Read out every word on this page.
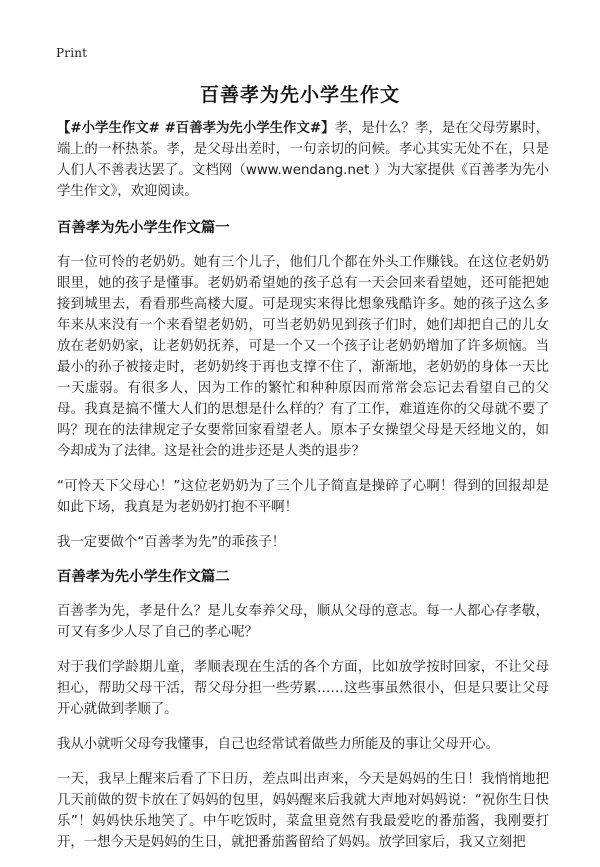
Print
百善孝为先小学生作文

【#小学生作文# #百善孝为先小学生作文#】孝，是什么？孝，是在父母劳累时，端上的一杯热茶。孝，是父母出差时，一句亲切的问候。孝心其实无处不在，只是人们人不善表达罢了。文档网（www.wendang.net ）为大家提供《百善孝为先小学生作文》，欢迎阅读。

百善孝为先小学生作文篇一

有一位可怜的老奶奶。她有三个儿子，他们几个都在外头工作赚钱。在这位老奶奶眼里，她的孩子是懂事。老奶奶希望她的孩子总有一天会回来看望她，还可能把她接到城里去，看看那些高楼大厦。可是现实来得比想象残酷许多。她的孩子这么多年来从来没有一个来看望老奶奶，可当老奶奶见到孩子们时，她们却把自己的儿女放在老奶奶家，让老奶奶抚养，可是一个又一个孩子让老奶奶增加了许多烦恼。当最小的孙子被接走时，老奶奶终于再也支撑不住了，渐渐地，老奶奶的身体一天比一天虚弱。有很多人，因为工作的繁忙和种种原因而常常会忘记去看望自己的父母。我真是搞不懂大人们的思想是什么样的？有了工作，难道连你的父母就不要了吗？现在的法律规定子女要常回家看望老人。原本子女操望父母是天经地义的，如今却成为了法律。这是社会的进步还是人类的退步？

“可怜天下父母心！”这位老奶奶为了三个儿子简直是操碎了心啊！得到的回报却是如此下场，我真是为老奶奶打抱不平啊！

我一定要做个“百善孝为先”的乖孩子！

百善孝为先小学生作文篇二

百善孝为先，孝是什么？是儿女奉养父母，顺从父母的意志。每一人都心存孝敬，可又有多少人尽了自己的孝心呢？

对于我们学龄期儿童，孝顺表现在生活的各个方面，比如放学按时回家，不让父母担心，帮助父母干活，帮父母分担一些劳累……这些事虽然很小，但是只要让父母开心就做到孝顺了。

我从小就听父母夸我懂事，自己也经常试着做些力所能及的事让父母开心。

一天，我早上醒来后看了下日历，差点叫出声来，今天是妈妈的生日！我悄悄地把几天前做的贺卡放在了妈妈的包里，妈妈醒来后我就大声地对妈妈说：“祝你生日快乐”！妈妈快乐地笑了。中午吃饭时，菜盒里竟然有我最爱吃的番茄酱，我刚要打开，一想今天是妈妈的生日，就把番茄酱留给了妈妈。放学回家后，我又立刻把
